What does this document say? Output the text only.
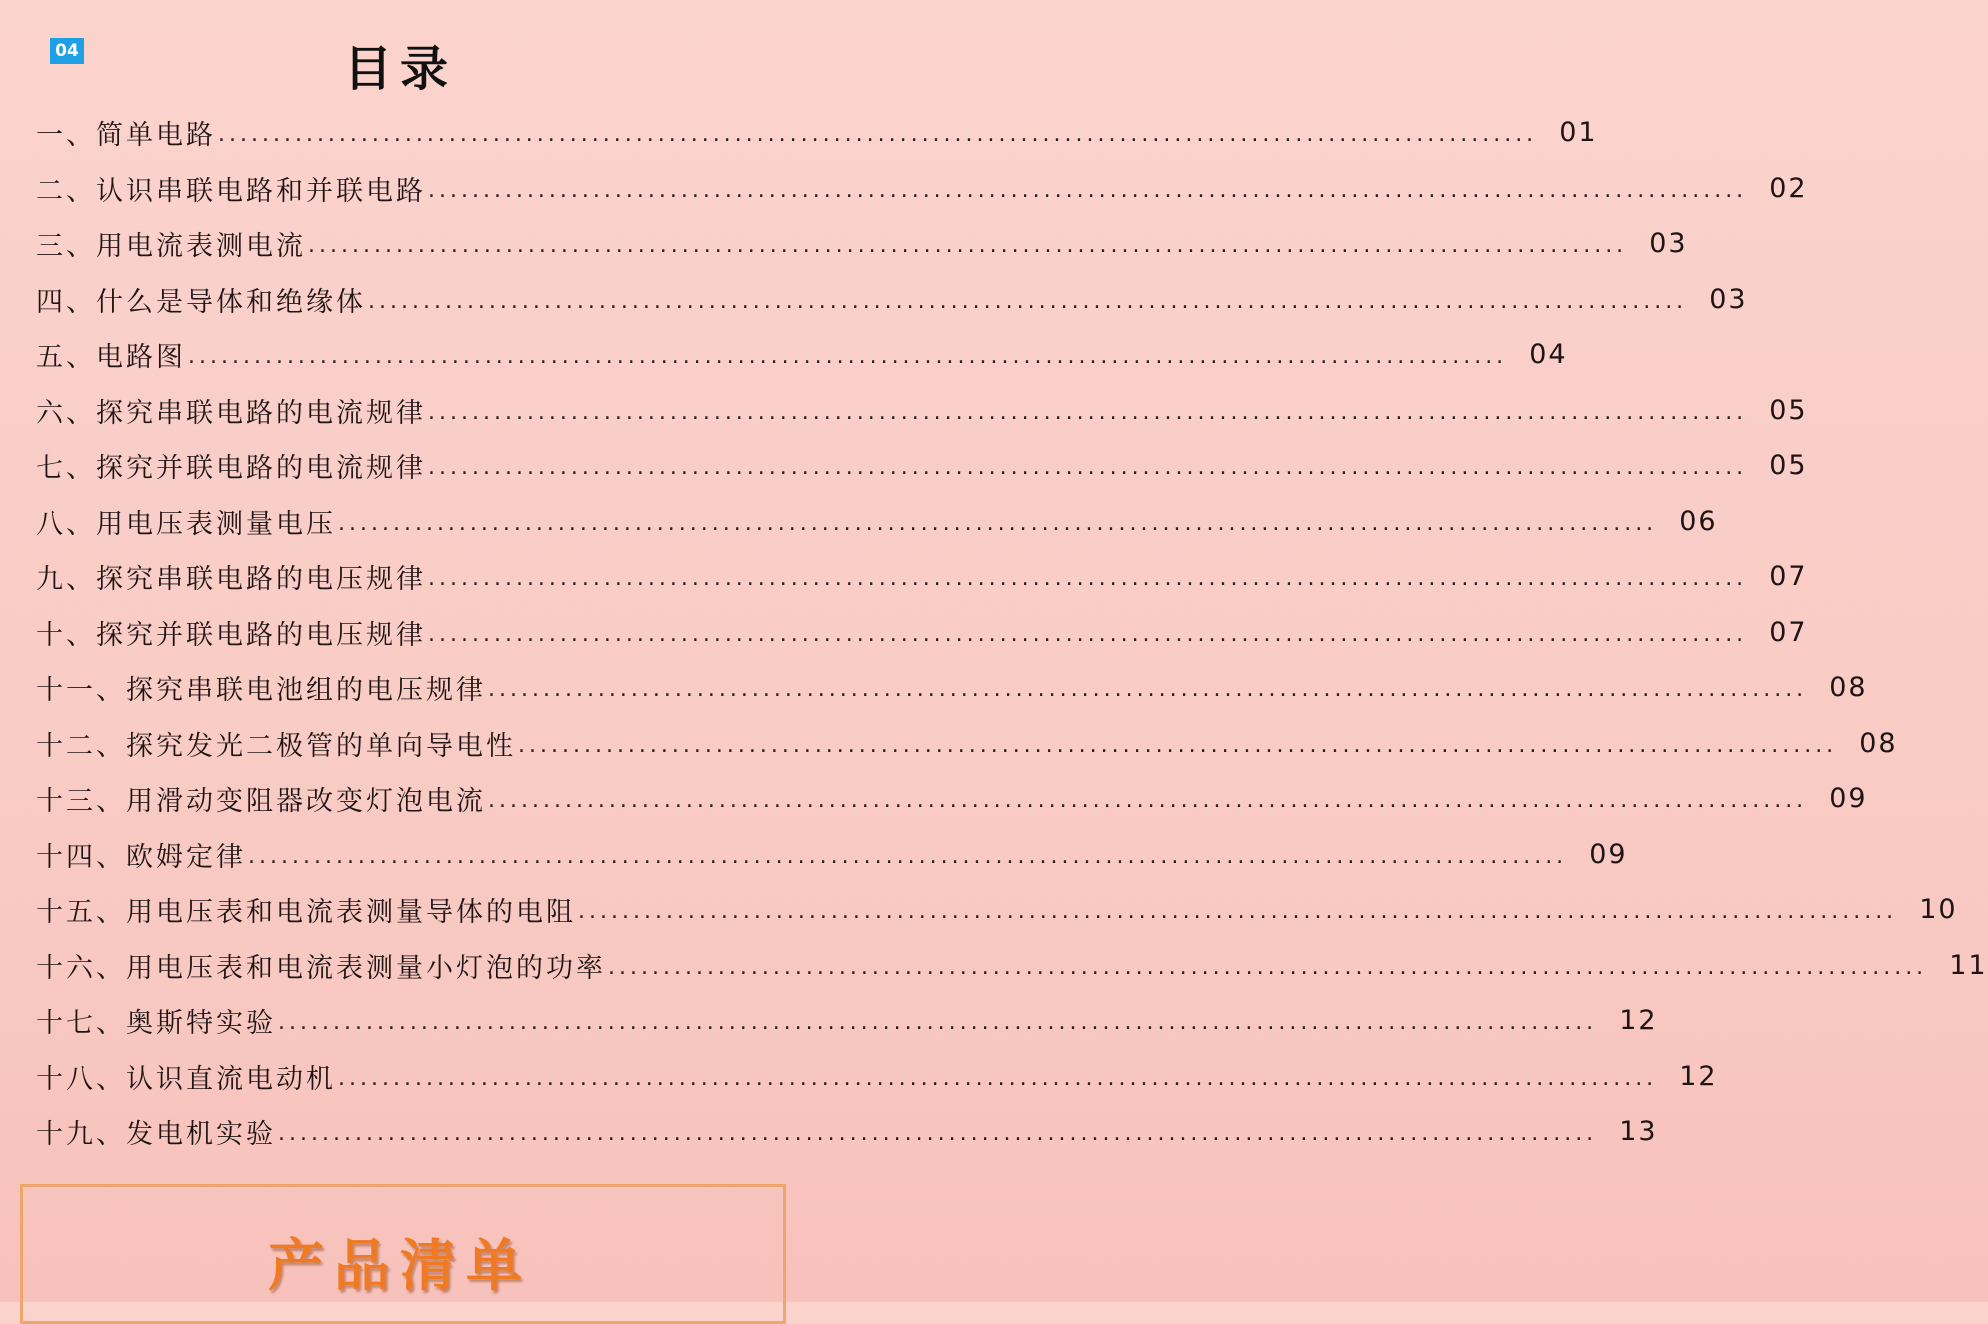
04	目录
一、简单电路 ........................................................................................................................ 01
二、认识串联电路和并联电路 ........................................................................................................................ 02
三、用电流表测电流 ........................................................................................................................ 03
四、什么是导体和绝缘体 ........................................................................................................................ 03
五、电路图 ........................................................................................................................ 04
六、探究串联电路的电流规律 ........................................................................................................................ 05
七、探究并联电路的电流规律 ........................................................................................................................ 05
八、用电压表测量电压 ........................................................................................................................ 06
九、探究串联电路的电压规律 ........................................................................................................................ 07
十、探究并联电路的电压规律 ........................................................................................................................ 07
十一、探究串联电池组的电压规律 ........................................................................................................................ 08
十二、探究发光二极管的单向导电性 ........................................................................................................................ 08
十三、用滑动变阻器改变灯泡电流 ........................................................................................................................ 09
十四、欧姆定律 ........................................................................................................................ 09
十五、用电压表和电流表测量导体的电阻 ........................................................................................................................ 10
十六、用电压表和电流表测量小灯泡的功率 ........................................................................................................................ 11
十七、奥斯特实验 ........................................................................................................................ 12
十八、认识直流电动机 ........................................................................................................................ 12
十九、发电机实验 ........................................................................................................................ 13
产品清单
